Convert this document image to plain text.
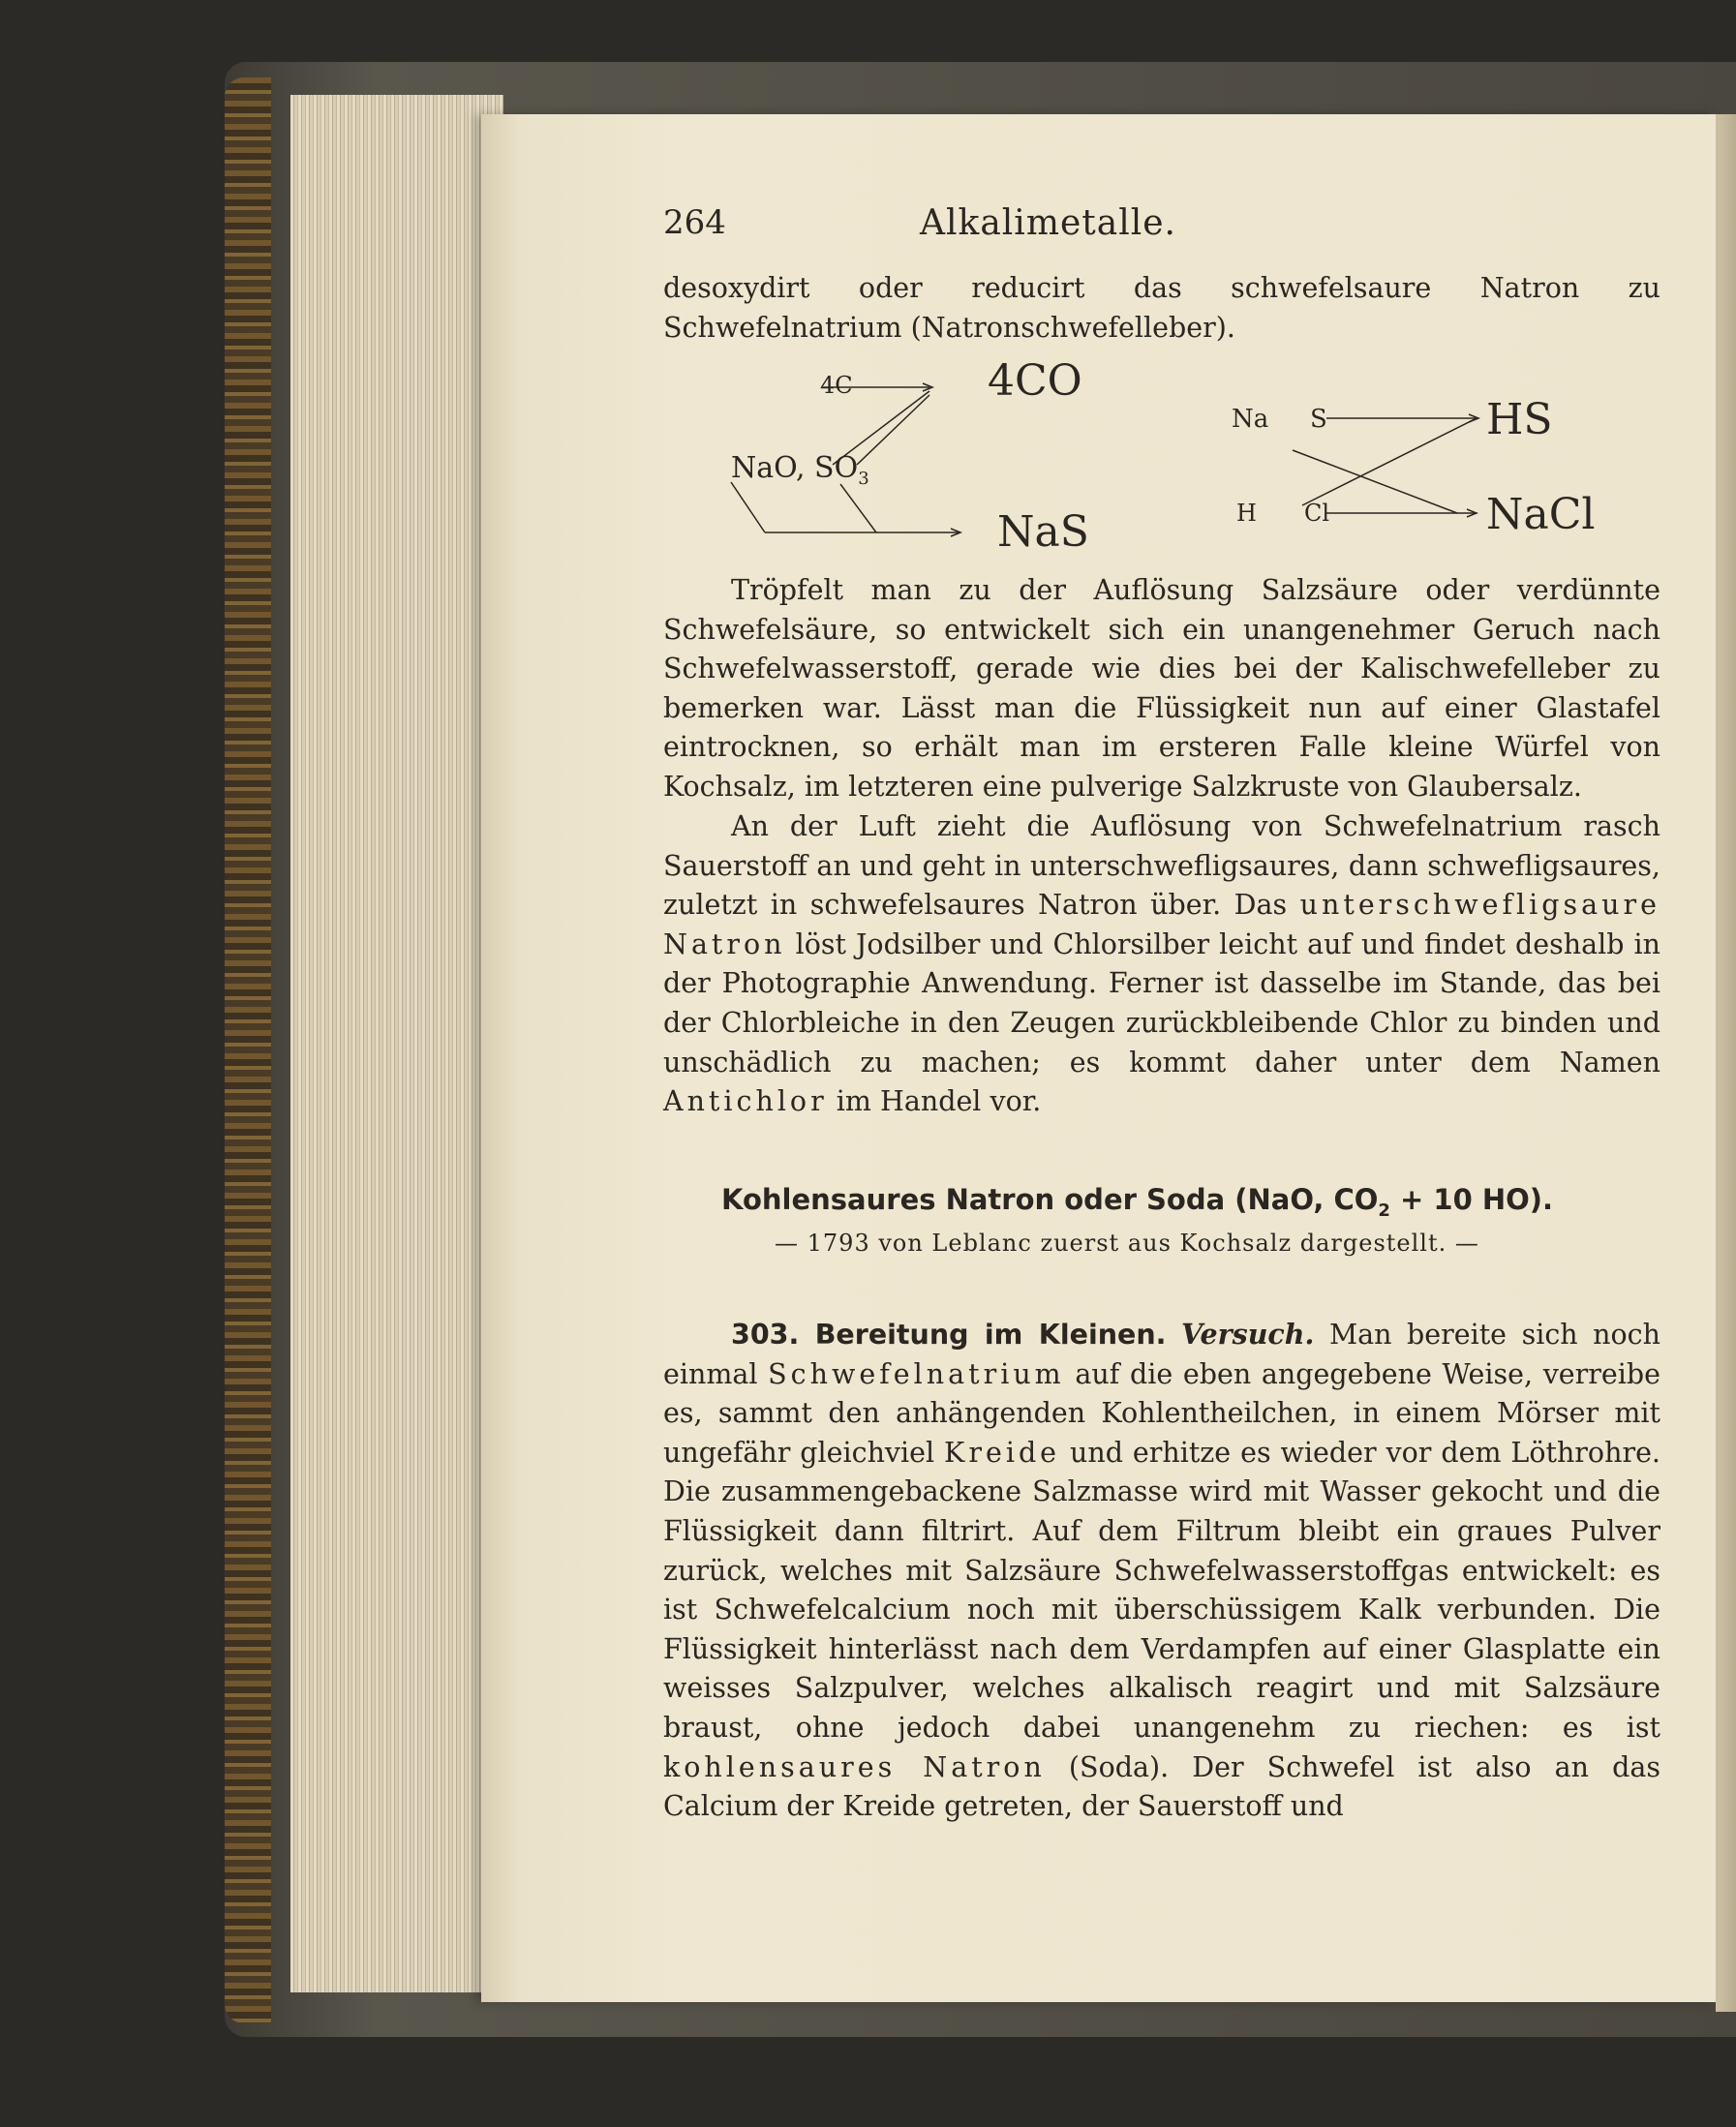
264	Alkalimetalle.
desoxydirt oder reducirt das schwefelsaure Natron zu Schwefelnatrium (Natronschwefelleber).
4C	4CO
NaO, $SO_3$
NaS
Na S
H Cl
HS
NaCl
Tröpfelt man zu der Auflösung Salzsäure oder verdünnte Schwefelsäure, so entwickelt sich ein unangenehmer Geruch nach Schwefelwasserstoff, gerade wie dies bei der Kalischwefelleber zu bemerken war. Lässt man die Flüssigkeit nun auf einer Glastafel eintrocknen, so erhält man im ersteren Falle kleine Würfel von Kochsalz, im letzteren eine pulverige Salzkruste von Glaubersalz.
An der Luft zieht die Auflösung von Schwefelnatrium rasch Sauerstoff an und geht in unterschwefligsaures, dann schwefligsaures, zuletzt in schwefelsaures Natron über. Das unterschwefligsaure Natron löst Jodsilber und Chlorsilber leicht auf und findet deshalb in der Photographie Anwendung. Ferner ist dasselbe im Stande, das bei der Chlorbleiche in den Zeugen zurückbleibende Chlor zu binden und unschädlich zu machen; es kommt daher unter dem Namen Antichlor im Handel vor.
Kohlensaures Natron oder Soda (NaO, $CO_2 + 10$ HO).
— 1793 von Leblanc zuerst aus Kochsalz dargestellt. —
303. Bereitung im Kleinen. Versuch. Man bereite sich noch einmal Schwefelnatrium auf die eben angegebene Weise, verreibe es, sammt den anhängenden Kohlentheilchen, in einem Mörser mit ungefähr gleichviel Kreide und erhitze es wieder vor dem Löthrohre. Die zusammengebackene Salzmasse wird mit Wasser gekocht und die Flüssigkeit dann filtrirt. Auf dem Filtrum bleibt ein graues Pulver zurück, welches mit Salzsäure Schwefelwasserstoffgas entwickelt: es ist Schwefelcalcium noch mit überschüssigem Kalk verbunden. Die Flüssigkeit hinterlässt nach dem Verdampfen auf einer Glasplatte ein weisses Salzpulver, welches alkalisch reagirt und mit Salzsäure braust, ohne jedoch dabei unangenehm zu riechen: es ist kohlensaures Natron (Soda). Der Schwefel ist also an das Calcium der Kreide getreten, der Sauerstoff und
